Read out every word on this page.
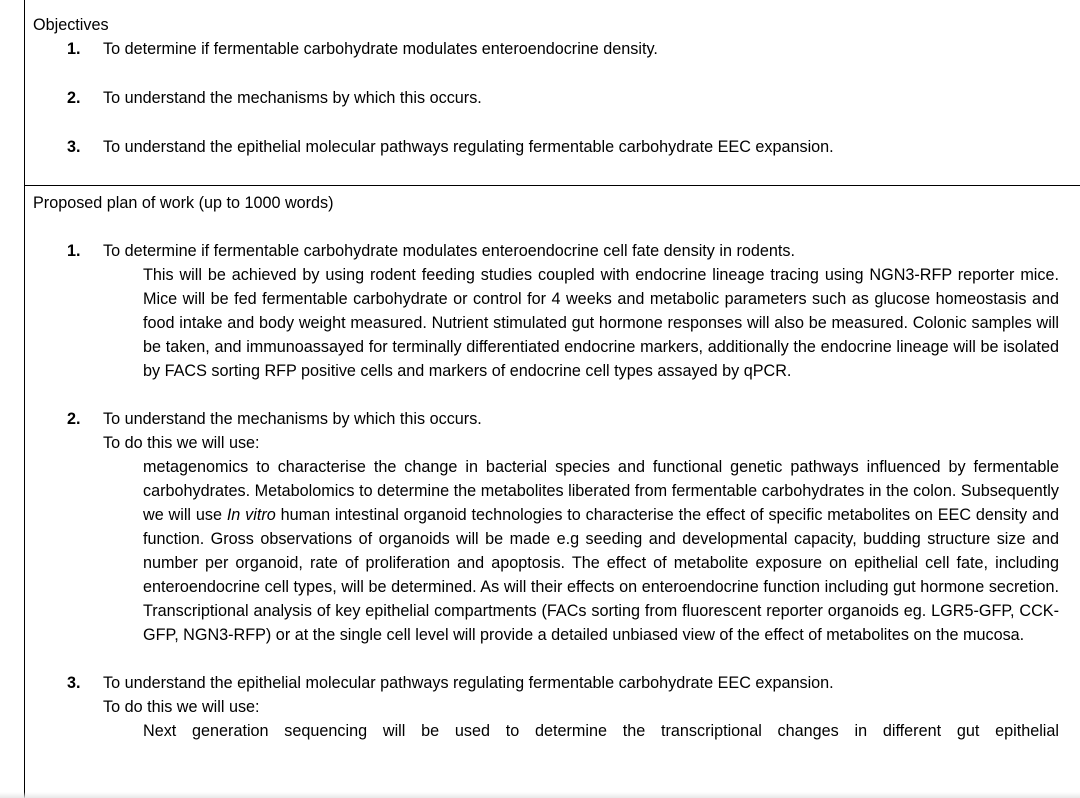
Objectives
1. To determine if fermentable carbohydrate modulates enteroendocrine density.
2. To understand the mechanisms by which this occurs.
3. To understand the epithelial molecular pathways regulating fermentable carbohydrate EEC expansion.
Proposed plan of work (up to 1000 words)
1. To determine if fermentable carbohydrate modulates enteroendocrine cell fate density in rodents.

This will be achieved by using rodent feeding studies coupled with endocrine lineage tracing using NGN3-RFP reporter mice. Mice will be fed fermentable carbohydrate or control for 4 weeks and metabolic parameters such as glucose homeostasis and food intake and body weight measured. Nutrient stimulated gut hormone responses will also be measured. Colonic samples will be taken, and immunoassayed for terminally differentiated endocrine markers, additionally the endocrine lineage will be isolated by FACS sorting RFP positive cells and markers of endocrine cell types assayed by qPCR.

2. To understand the mechanisms by which this occurs.
To do this we will use:

metagenomics to characterise the change in bacterial species and functional genetic pathways influenced by fermentable carbohydrates. Metabolomics to determine the metabolites liberated from fermentable carbohydrates in the colon. Subsequently we will use In vitro human intestinal organoid technologies to characterise the effect of specific metabolites on EEC density and function. Gross observations of organoids will be made e.g seeding and developmental capacity, budding structure size and number per organoid, rate of proliferation and apoptosis. The effect of metabolite exposure on epithelial cell fate, including enteroendocrine cell types, will be determined. As will their effects on enteroendocrine function including gut hormone secretion. Transcriptional analysis of key epithelial compartments (FACs sorting from fluorescent reporter organoids eg. LGR5-GFP, CCK-GFP, NGN3-RFP) or at the single cell level will provide a detailed unbiased view of the effect of metabolites on the mucosa.

3. To understand the epithelial molecular pathways regulating fermentable carbohydrate EEC expansion.
To do this we will use:

Next generation sequencing will be used to determine the transcriptional changes in different gut epithelial
